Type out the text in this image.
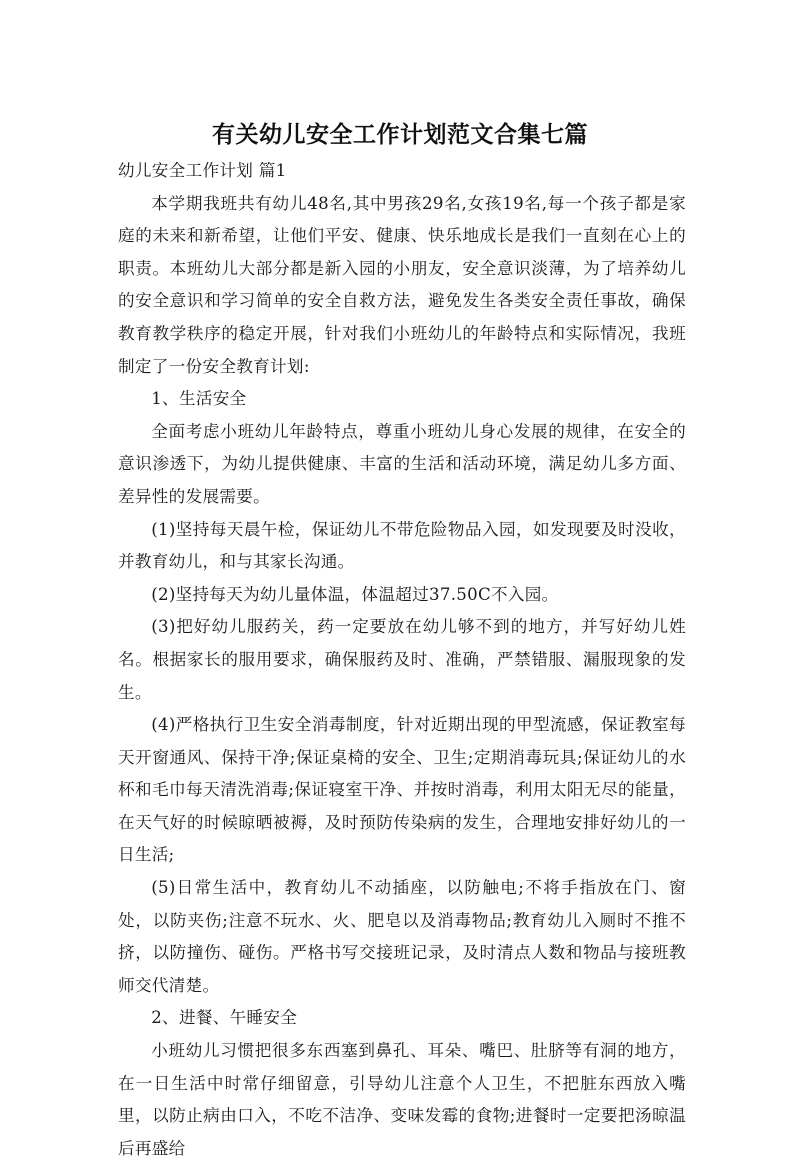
有关幼儿安全工作计划范文合集七篇

幼儿安全工作计划 篇1

本学期我班共有幼儿48名,其中男孩29名,女孩19名,每一个孩子都是家庭的未来和新希望，让他们平安、健康、快乐地成长是我们一直刻在心上的职责。本班幼儿大部分都是新入园的小朋友，安全意识淡薄，为了培养幼儿的安全意识和学习简单的安全自救方法，避免发生各类安全责任事故，确保教育教学秩序的稳定开展，针对我们小班幼儿的年龄特点和实际情况，我班制定了一份安全教育计划:

1、生活安全

全面考虑小班幼儿年龄特点，尊重小班幼儿身心发展的规律，在安全的意识渗透下，为幼儿提供健康、丰富的生活和活动环境，满足幼儿多方面、差异性的发展需要。

(1)坚持每天晨午检，保证幼儿不带危险物品入园，如发现要及时没收，并教育幼儿，和与其家长沟通。

(2)坚持每天为幼儿量体温，体温超过37.50C不入园。

(3)把好幼儿服药关，药一定要放在幼儿够不到的地方，并写好幼儿姓名。根据家长的服用要求，确保服药及时、准确，严禁错服、漏服现象的发生。

(4)严格执行卫生安全消毒制度，针对近期出现的甲型流感，保证教室每天开窗通风、保持干净;保证桌椅的安全、卫生;定期消毒玩具;保证幼儿的水杯和毛巾每天清洗消毒;保证寝室干净、并按时消毒，利用太阳无尽的能量，在天气好的时候晾晒被褥，及时预防传染病的发生，合理地安排好幼儿的一日生活;

(5)日常生活中，教育幼儿不动插座，以防触电;不将手指放在门、窗处，以防夹伤;注意不玩水、火、肥皂以及消毒物品;教育幼儿入厕时不推不挤，以防撞伤、碰伤。严格书写交接班记录，及时清点人数和物品与接班教师交代清楚。

2、进餐、午睡安全

小班幼儿习惯把很多东西塞到鼻孔、耳朵、嘴巴、肚脐等有洞的地方，在一日生活中时常仔细留意，引导幼儿注意个人卫生，不把脏东西放入嘴里，以防止病由口入，不吃不洁净、变味发霉的食物;进餐时一定要把汤晾温后再盛给
